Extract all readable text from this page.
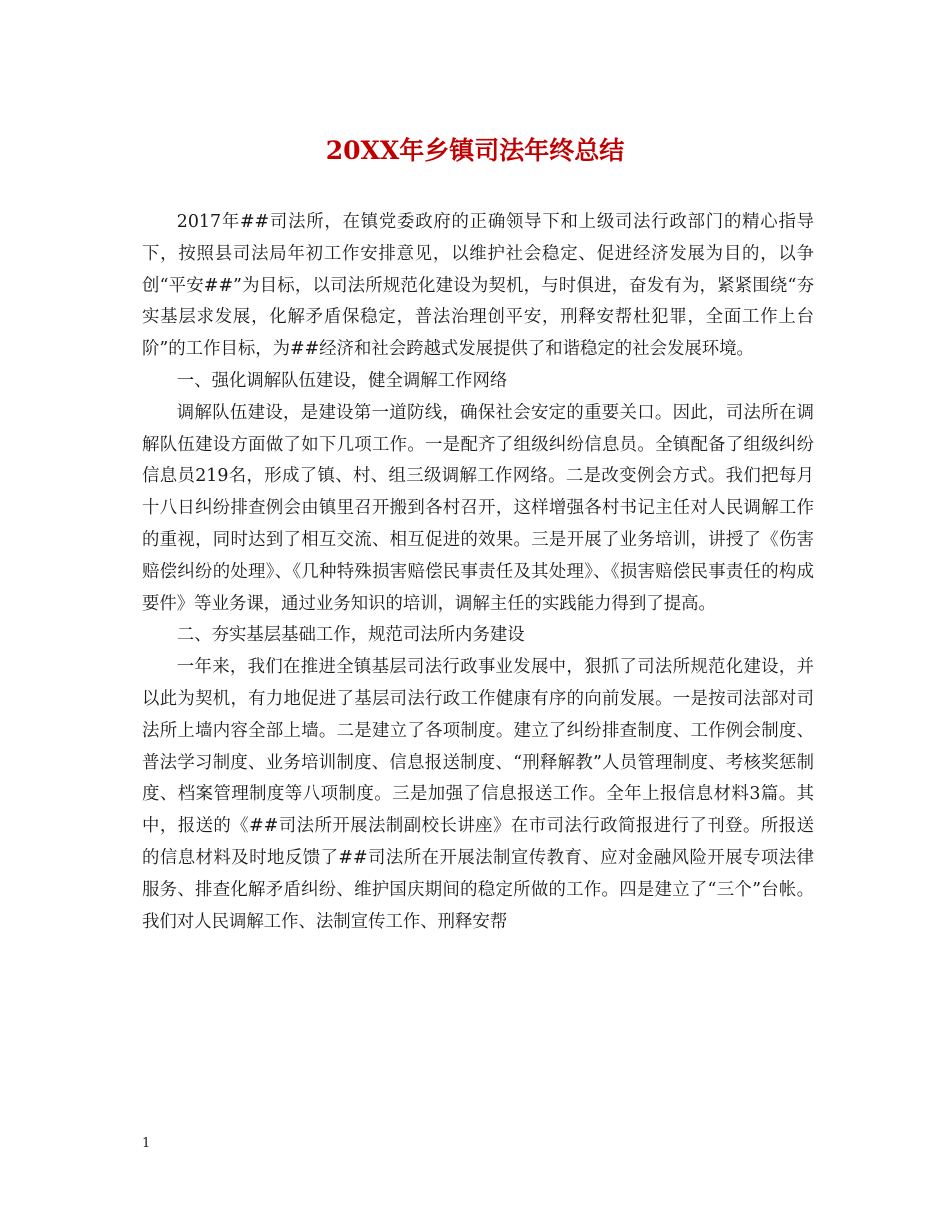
20XX年乡镇司法年终总结

2017年##司法所，在镇党委政府的正确领导下和上级司法行政部门的精心指导下，按照县司法局年初工作安排意见，以维护社会稳定、促进经济发展为目的，以争创“平安##”为目标，以司法所规范化建设为契机，与时俱进，奋发有为，紧紧围绕“夯实基层求发展，化解矛盾保稳定，普法治理创平安，刑释安帮杜犯罪，全面工作上台阶”的工作目标，为##经济和社会跨越式发展提供了和谐稳定的社会发展环境。

一、强化调解队伍建设，健全调解工作网络

调解队伍建设，是建设第一道防线，确保社会安定的重要关口。因此，司法所在调解队伍建设方面做了如下几项工作。一是配齐了组级纠纷信息员。全镇配备了组级纠纷信息员219名，形成了镇、村、组三级调解工作网络。二是改变例会方式。我们把每月十八日纠纷排查例会由镇里召开搬到各村召开，这样增强各村书记主任对人民调解工作的重视，同时达到了相互交流、相互促进的效果。三是开展了业务培训，讲授了《伤害赔偿纠纷的处理》、《几种特殊损害赔偿民事责任及其处理》、《损害赔偿民事责任的构成要件》等业务课，通过业务知识的培训，调解主任的实践能力得到了提高。

二、夯实基层基础工作，规范司法所内务建设

一年来，我们在推进全镇基层司法行政事业发展中，狠抓了司法所规范化建设，并以此为契机，有力地促进了基层司法行政工作健康有序的向前发展。一是按司法部对司法所上墙内容全部上墙。二是建立了各项制度。建立了纠纷排查制度、工作例会制度、普法学习制度、业务培训制度、信息报送制度、“刑释解教”人员管理制度、考核奖惩制度、档案管理制度等八项制度。三是加强了信息报送工作。全年上报信息材料3篇。其中，报送的《##司法所开展法制副校长讲座》在市司法行政简报进行了刊登。所报送的信息材料及时地反馈了##司法所在开展法制宣传教育、应对金融风险开展专项法律服务、排查化解矛盾纠纷、维护国庆期间的稳定所做的工作。四是建立了“三个”台帐。我们对人民调解工作、法制宣传工作、刑释安帮

1
